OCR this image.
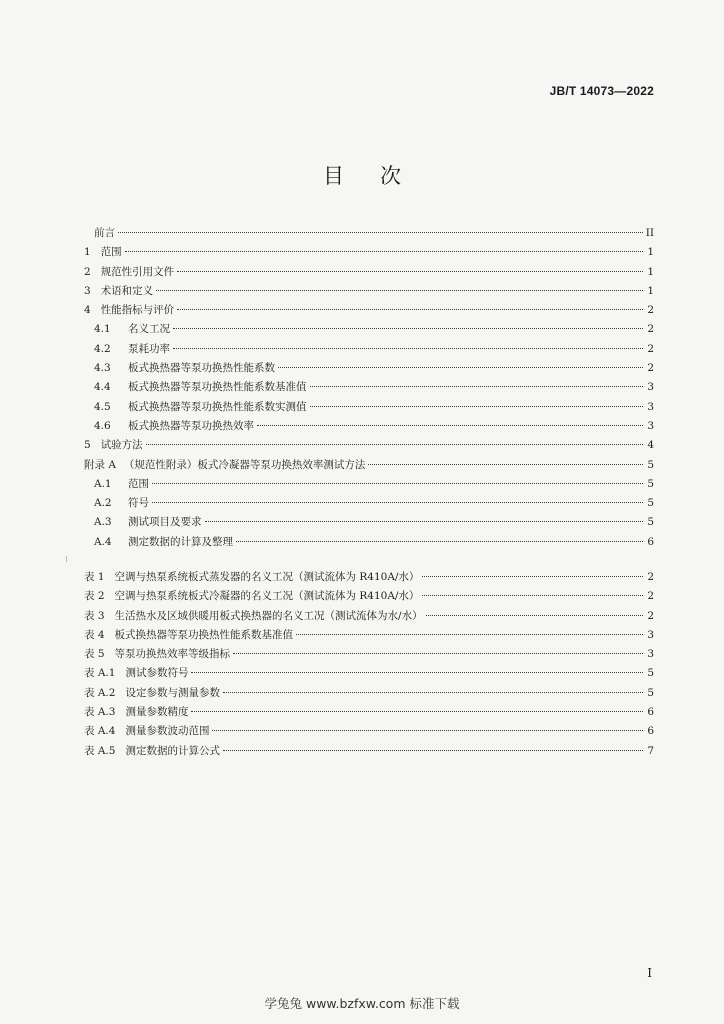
JB/T 14073—2022
目次
前言	II
1 范围	1
2 规范性引用文件	1
3 术语和定义	1
4 性能指标与评价	2
4.1	名义工况	2
4.2	泵耗功率	2
4.3	板式换热器等泵功换热性能系数	2
4.4	板式换热器等泵功换热性能系数基准值	3
4.5	板式换热器等泵功换热性能系数实测值	3
4.6	板式换热器等泵功换热效率	3
5 试验方法	4
附录 A （规范性附录）板式冷凝器等泵功换热效率测试方法	5
A.1	范围	5
A.2	符号	5
A.3	测试项目及要求	5
A.4	测定数据的计算及整理	6
表 1 空调与热泵系统板式蒸发器的名义工况（测试流体为 R410A/水）	2
表 2 空调与热泵系统板式冷凝器的名义工况（测试流体为 R410A/水）	2
表 3 生活热水及区域供暖用板式换热器的名义工况（测试流体为水/水）	2
表 4 板式换热器等泵功换热性能系数基准值	3
表 5 等泵功换热效率等级指标	3
表 A.1 测试参数符号	5
表 A.2 设定参数与测量参数	5
表 A.3 测量参数精度	6
表 A.4 测量参数波动范围	6
表 A.5 测定数据的计算公式	7
I
学兔兔 www.bzfxw.com 标准下载
